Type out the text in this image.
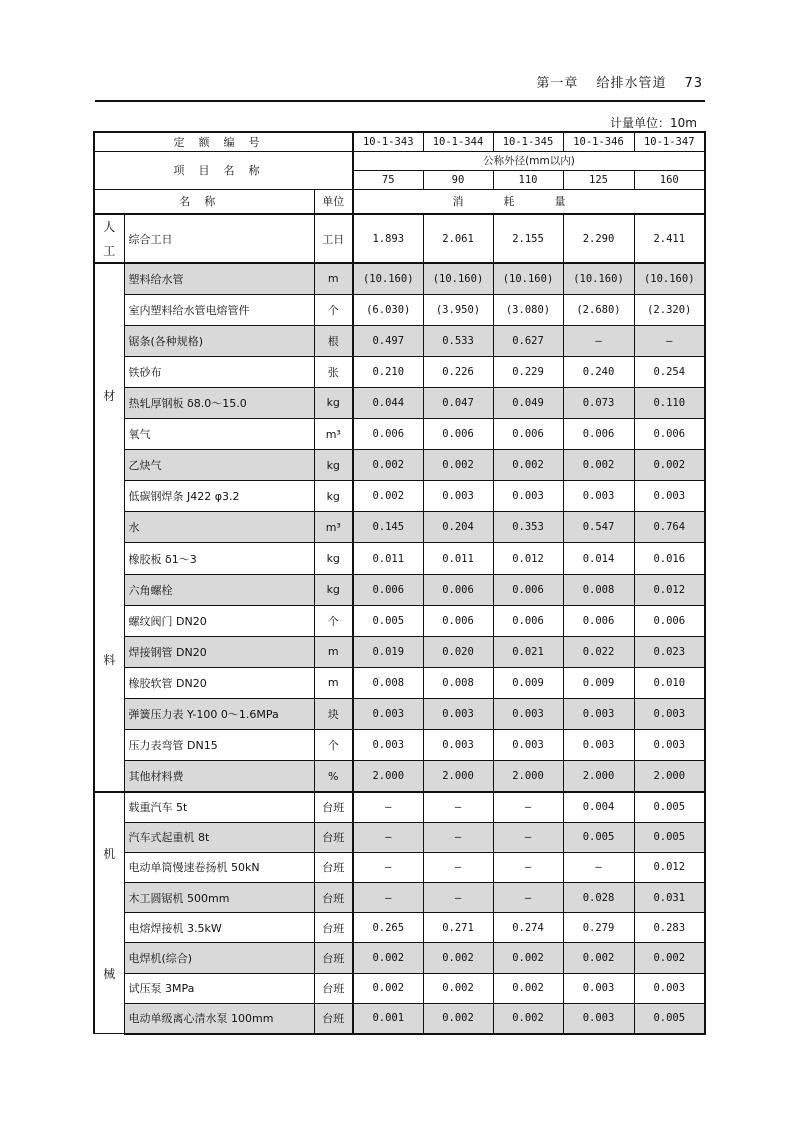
第一章 给排水管道 73
计量单位：10m
定额编号			10-1-343	10-1-344	10-1-345	10-1-346	10-1-347
项目名称			公称外径(mm以内)				
			75	90	110	125	160
名称		单位	消耗量				

人
工	综合工日	工日	1.893	2.061	2.155	2.290	2.411

材
料	塑料给水管	m	(10.160)	(10.160)	(10.160)	(10.160)	(10.160)
	室内塑料给水管电熔管件	个	(6.030)	(3.950)	(3.080)	(2.680)	(2.320)
	锯条(各种规格)	根	0.497	0.533	0.627	—	—
	铁砂布	张	0.210	0.226	0.229	0.240	0.254
	热轧厚钢板 δ8.0～15.0	kg	0.044	0.047	0.049	0.073	0.110
	氧气	m³	0.006	0.006	0.006	0.006	0.006
	乙炔气	kg	0.002	0.002	0.002	0.002	0.002
	低碳钢焊条 J422 φ3.2	kg	0.002	0.003	0.003	0.003	0.003
	水	m³	0.145	0.204	0.353	0.547	0.764
	橡胶板 δ1～3	kg	0.011	0.011	0.012	0.014	0.016
	六角螺栓	kg	0.006	0.006	0.006	0.008	0.012
	螺纹阀门 DN20	个	0.005	0.006	0.006	0.006	0.006
	焊接钢管 DN20	m	0.019	0.020	0.021	0.022	0.023
	橡胶软管 DN20	m	0.008	0.008	0.009	0.009	0.010
	弹簧压力表 Y-100 0～1.6MPa	块	0.003	0.003	0.003	0.003	0.003
	压力表弯管 DN15	个	0.003	0.003	0.003	0.003	0.003
	其他材料费	%	2.000	2.000	2.000	2.000	2.000

机
械	载重汽车 5t	台班	—	—	—	0.004	0.005
	汽车式起重机 8t	台班	—	—	—	0.005	0.005
	电动单筒慢速卷扬机 50kN	台班	—	—	—	—	0.012
	木工圆锯机 500mm	台班	—	—	—	0.028	0.031
	电熔焊接机 3.5kW	台班	0.265	0.271	0.274	0.279	0.283
	电焊机(综合)	台班	0.002	0.002	0.002	0.002	0.002
	试压泵 3MPa	台班	0.002	0.002	0.002	0.003	0.003
	电动单级离心清水泵 100mm	台班	0.001	0.002	0.002	0.003	0.005
